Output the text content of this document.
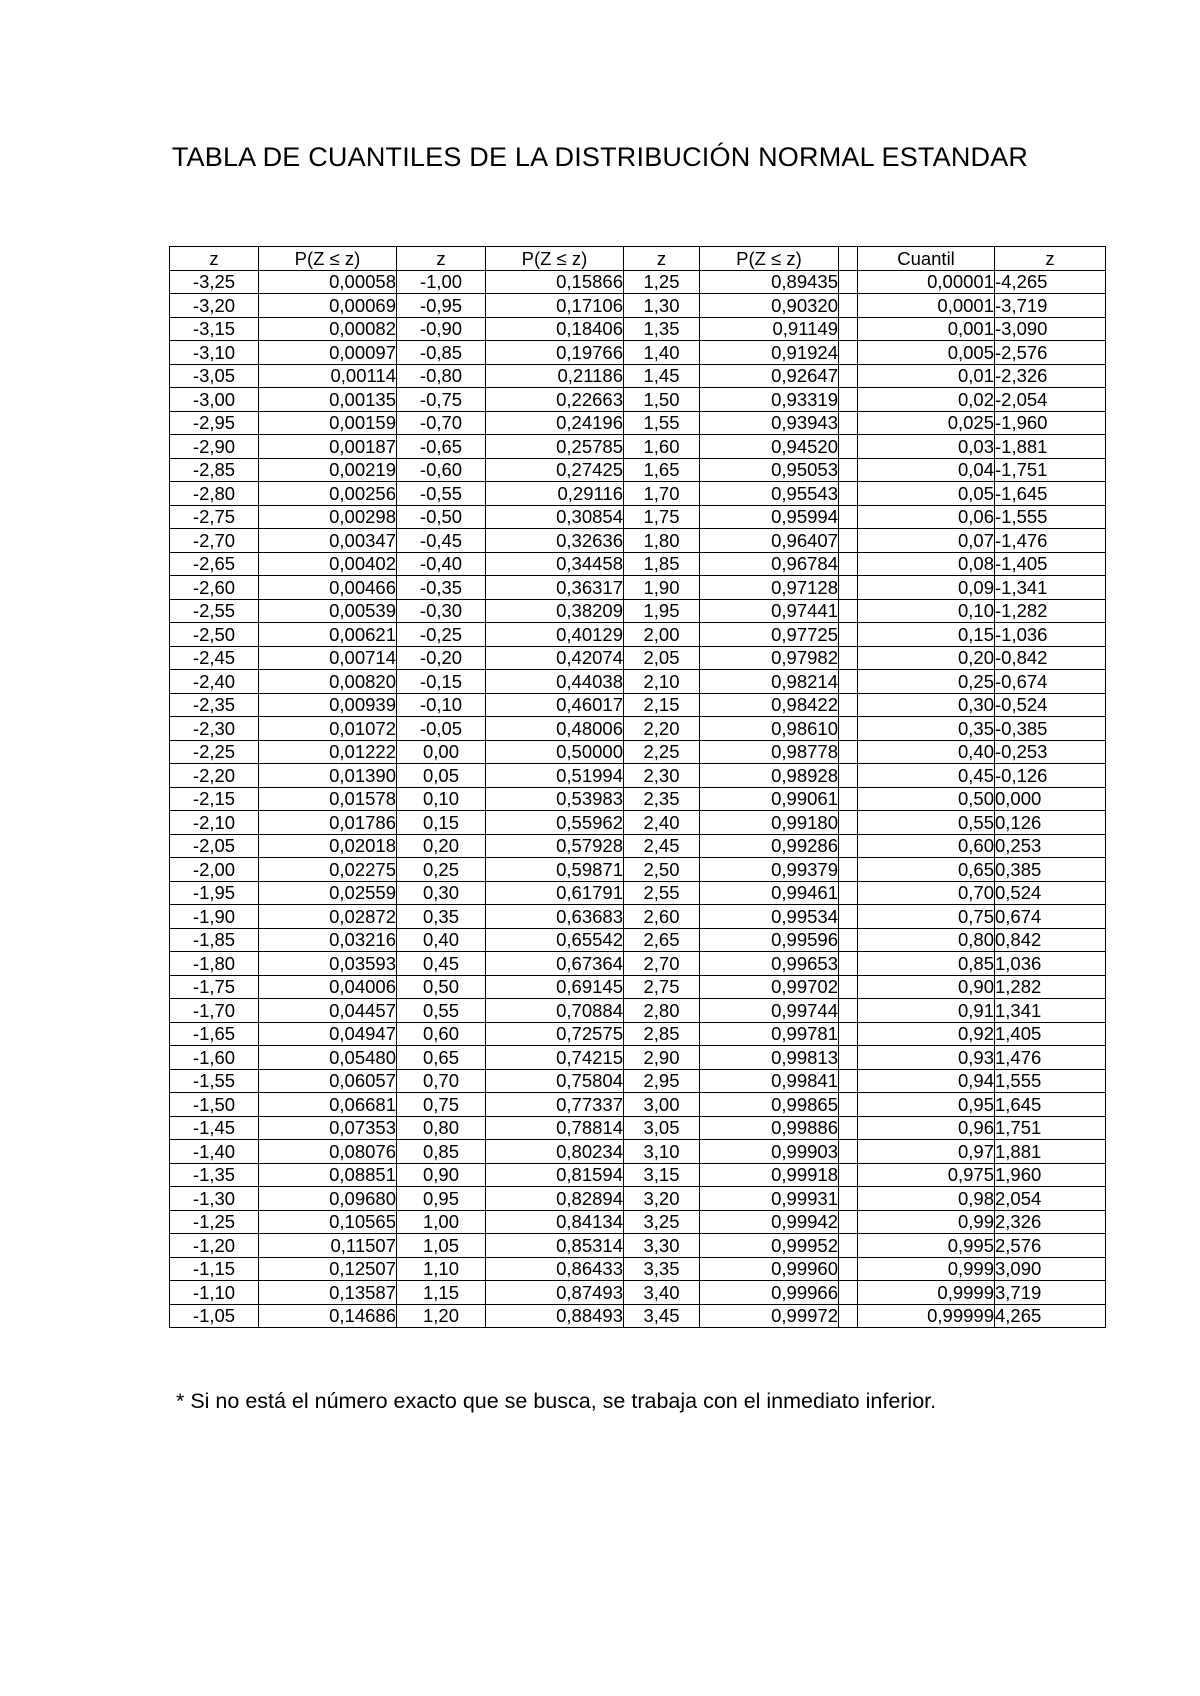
TABLA DE CUANTILES DE LA DISTRIBUCIÓN NORMAL ESTANDAR
z	P(Z ≤ z)	z	P(Z ≤ z)	z	P(Z ≤ z)		Cuantil	z
-3,25	0,00058	-1,00	0,15866	1,25	0,89435		0,00001	-4,265
-3,20	0,00069	-0,95	0,17106	1,30	0,90320		0,0001	-3,719
-3,15	0,00082	-0,90	0,18406	1,35	0,91149		0,001	-3,090
-3,10	0,00097	-0,85	0,19766	1,40	0,91924		0,005	-2,576
-3,05	0,00114	-0,80	0,21186	1,45	0,92647		0,01	-2,326
-3,00	0,00135	-0,75	0,22663	1,50	0,93319		0,02	-2,054
-2,95	0,00159	-0,70	0,24196	1,55	0,93943		0,025	-1,960
-2,90	0,00187	-0,65	0,25785	1,60	0,94520		0,03	-1,881
-2,85	0,00219	-0,60	0,27425	1,65	0,95053		0,04	-1,751
-2,80	0,00256	-0,55	0,29116	1,70	0,95543		0,05	-1,645
-2,75	0,00298	-0,50	0,30854	1,75	0,95994		0,06	-1,555
-2,70	0,00347	-0,45	0,32636	1,80	0,96407		0,07	-1,476
-2,65	0,00402	-0,40	0,34458	1,85	0,96784		0,08	-1,405
-2,60	0,00466	-0,35	0,36317	1,90	0,97128		0,09	-1,341
-2,55	0,00539	-0,30	0,38209	1,95	0,97441		0,10	-1,282
-2,50	0,00621	-0,25	0,40129	2,00	0,97725		0,15	-1,036
-2,45	0,00714	-0,20	0,42074	2,05	0,97982		0,20	-0,842
-2,40	0,00820	-0,15	0,44038	2,10	0,98214		0,25	-0,674
-2,35	0,00939	-0,10	0,46017	2,15	0,98422		0,30	-0,524
-2,30	0,01072	-0,05	0,48006	2,20	0,98610		0,35	-0,385
-2,25	0,01222	0,00	0,50000	2,25	0,98778		0,40	-0,253
-2,20	0,01390	0,05	0,51994	2,30	0,98928		0,45	-0,126
-2,15	0,01578	0,10	0,53983	2,35	0,99061		0,50	0,000
-2,10	0,01786	0,15	0,55962	2,40	0,99180		0,55	0,126
-2,05	0,02018	0,20	0,57928	2,45	0,99286		0,60	0,253
-2,00	0,02275	0,25	0,59871	2,50	0,99379		0,65	0,385
-1,95	0,02559	0,30	0,61791	2,55	0,99461		0,70	0,524
-1,90	0,02872	0,35	0,63683	2,60	0,99534		0,75	0,674
-1,85	0,03216	0,40	0,65542	2,65	0,99596		0,80	0,842
-1,80	0,03593	0,45	0,67364	2,70	0,99653		0,85	1,036
-1,75	0,04006	0,50	0,69145	2,75	0,99702		0,90	1,282
-1,70	0,04457	0,55	0,70884	2,80	0,99744		0,91	1,341
-1,65	0,04947	0,60	0,72575	2,85	0,99781		0,92	1,405
-1,60	0,05480	0,65	0,74215	2,90	0,99813		0,93	1,476
-1,55	0,06057	0,70	0,75804	2,95	0,99841		0,94	1,555
-1,50	0,06681	0,75	0,77337	3,00	0,99865		0,95	1,645
-1,45	0,07353	0,80	0,78814	3,05	0,99886		0,96	1,751
-1,40	0,08076	0,85	0,80234	3,10	0,99903		0,97	1,881
-1,35	0,08851	0,90	0,81594	3,15	0,99918		0,975	1,960
-1,30	0,09680	0,95	0,82894	3,20	0,99931		0,98	2,054
-1,25	0,10565	1,00	0,84134	3,25	0,99942		0,99	2,326
-1,20	0,11507	1,05	0,85314	3,30	0,99952		0,995	2,576
-1,15	0,12507	1,10	0,86433	3,35	0,99960		0,999	3,090
-1,10	0,13587	1,15	0,87493	3,40	0,99966		0,9999	3,719
-1,05	0,14686	1,20	0,88493	3,45	0,99972		0,99999	4,265
* Si no está el número exacto que se busca, se trabaja con el inmediato inferior.
